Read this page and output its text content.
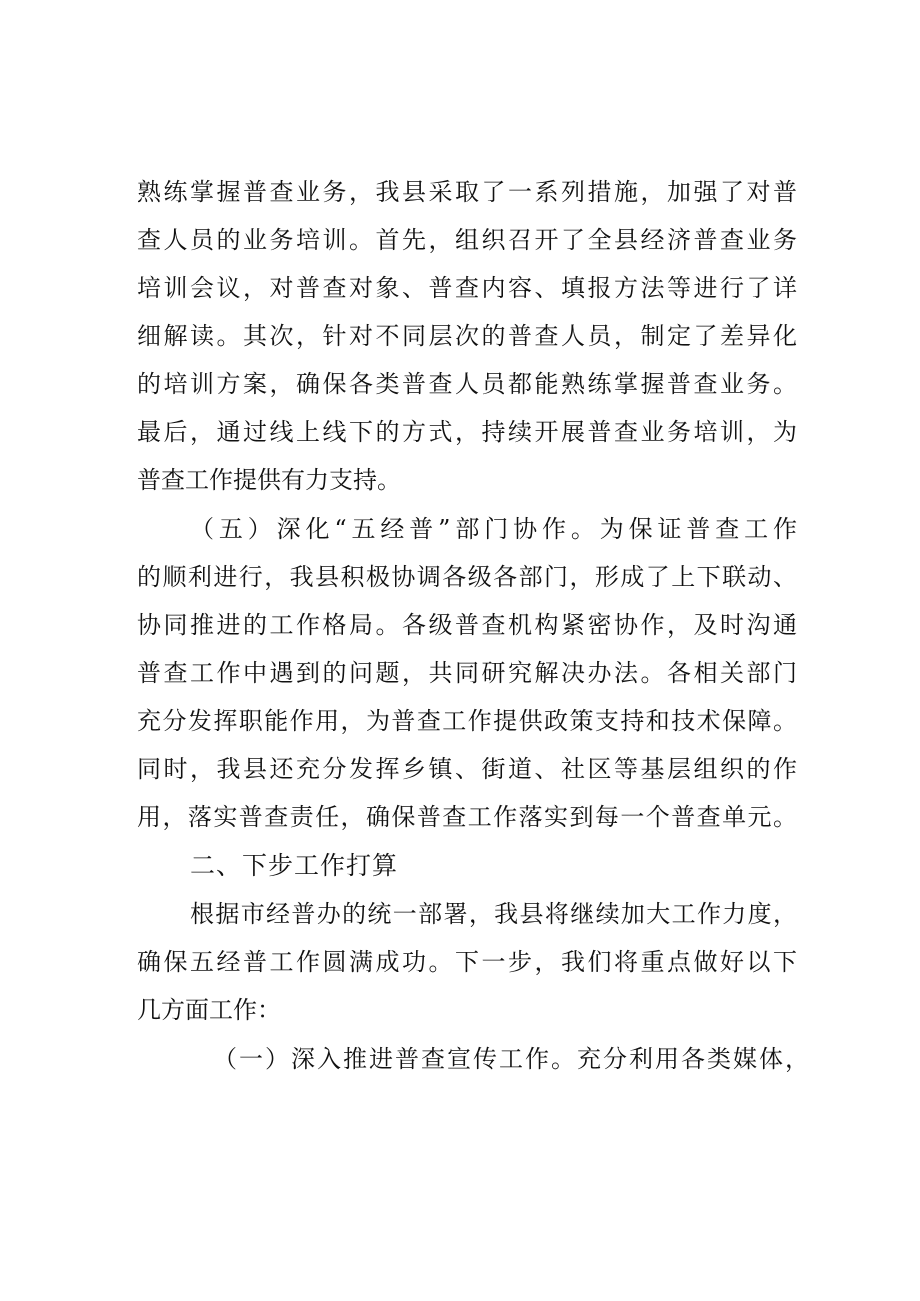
熟练掌握普查业务，我县采取了一系列措施，加强了对普
查人员的业务培训。首先，组织召开了全县经济普查业务
培训会议，对普查对象、普查内容、填报方法等进行了详
细解读。其次，针对不同层次的普查人员，制定了差异化
的培训方案，确保各类普查人员都能熟练掌握普查业务。
最后，通过线上线下的方式，持续开展普查业务培训，为
普查工作提供有力支持。
（五）深化“五经普”部门协作。为保证普查工作
的顺利进行，我县积极协调各级各部门，形成了上下联动、
协同推进的工作格局。各级普查机构紧密协作，及时沟通
普查工作中遇到的问题，共同研究解决办法。各相关部门
充分发挥职能作用，为普查工作提供政策支持和技术保障。
同时，我县还充分发挥乡镇、街道、社区等基层组织的作
用，落实普查责任，确保普查工作落实到每一个普查单元。
二、下步工作打算
根据市经普办的统一部署，我县将继续加大工作力度，
确保五经普工作圆满成功。下一步，我们将重点做好以下
几方面工作：
（一）深入推进普查宣传工作。充分利用各类媒体，
